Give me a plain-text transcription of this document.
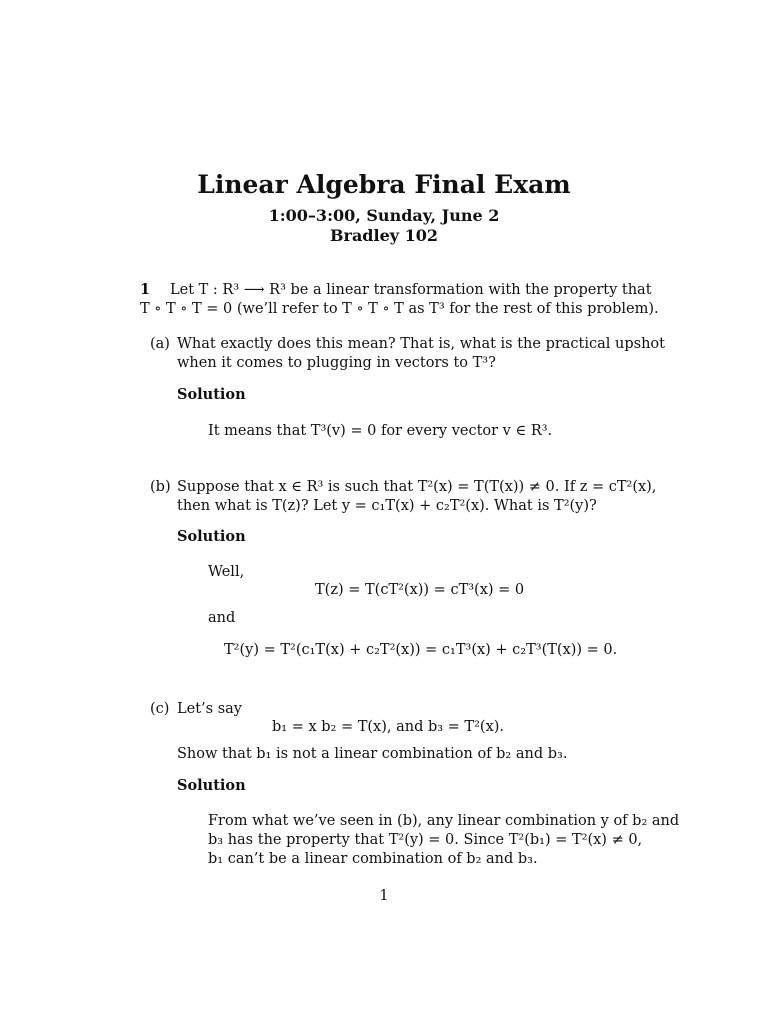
Linear Algebra Final Exam
1:00–3:00, Sunday, June 2
Bradley 102
1 Let T : R³ ⟶ R³ be a linear transformation with the property that
T ∘ T ∘ T = 0 (we’ll refer to T ∘ T ∘ T as T³ for the rest of this problem).
(a) What exactly does this mean? That is, what is the practical upshot
when it comes to plugging in vectors to T³?
Solution
It means that T³(v) = 0 for every vector v ∈ R³.
(b) Suppose that x ∈ R³ is such that T²(x) = T(T(x)) ≠ 0. If z = cT²(x),
then what is T(z)? Let y = c₁T(x) + c₂T²(x). What is T²(y)?
Solution
Well,
T(z) = T(cT²(x)) = cT³(x) = 0
and
T²(y) = T²(c₁T(x) + c₂T²(x)) = c₁T³(x) + c₂T³(T(x)) = 0.
(c) Let’s say
b₁ = x b₂ = T(x), and b₃ = T²(x).
Show that b₁ is not a linear combination of b₂ and b₃.
Solution
From what we’ve seen in (b), any linear combination y of b₂ and
b₃ has the property that T²(y) = 0. Since T²(b₁) = T²(x) ≠ 0,
b₁ can’t be a linear combination of b₂ and b₃.
1
